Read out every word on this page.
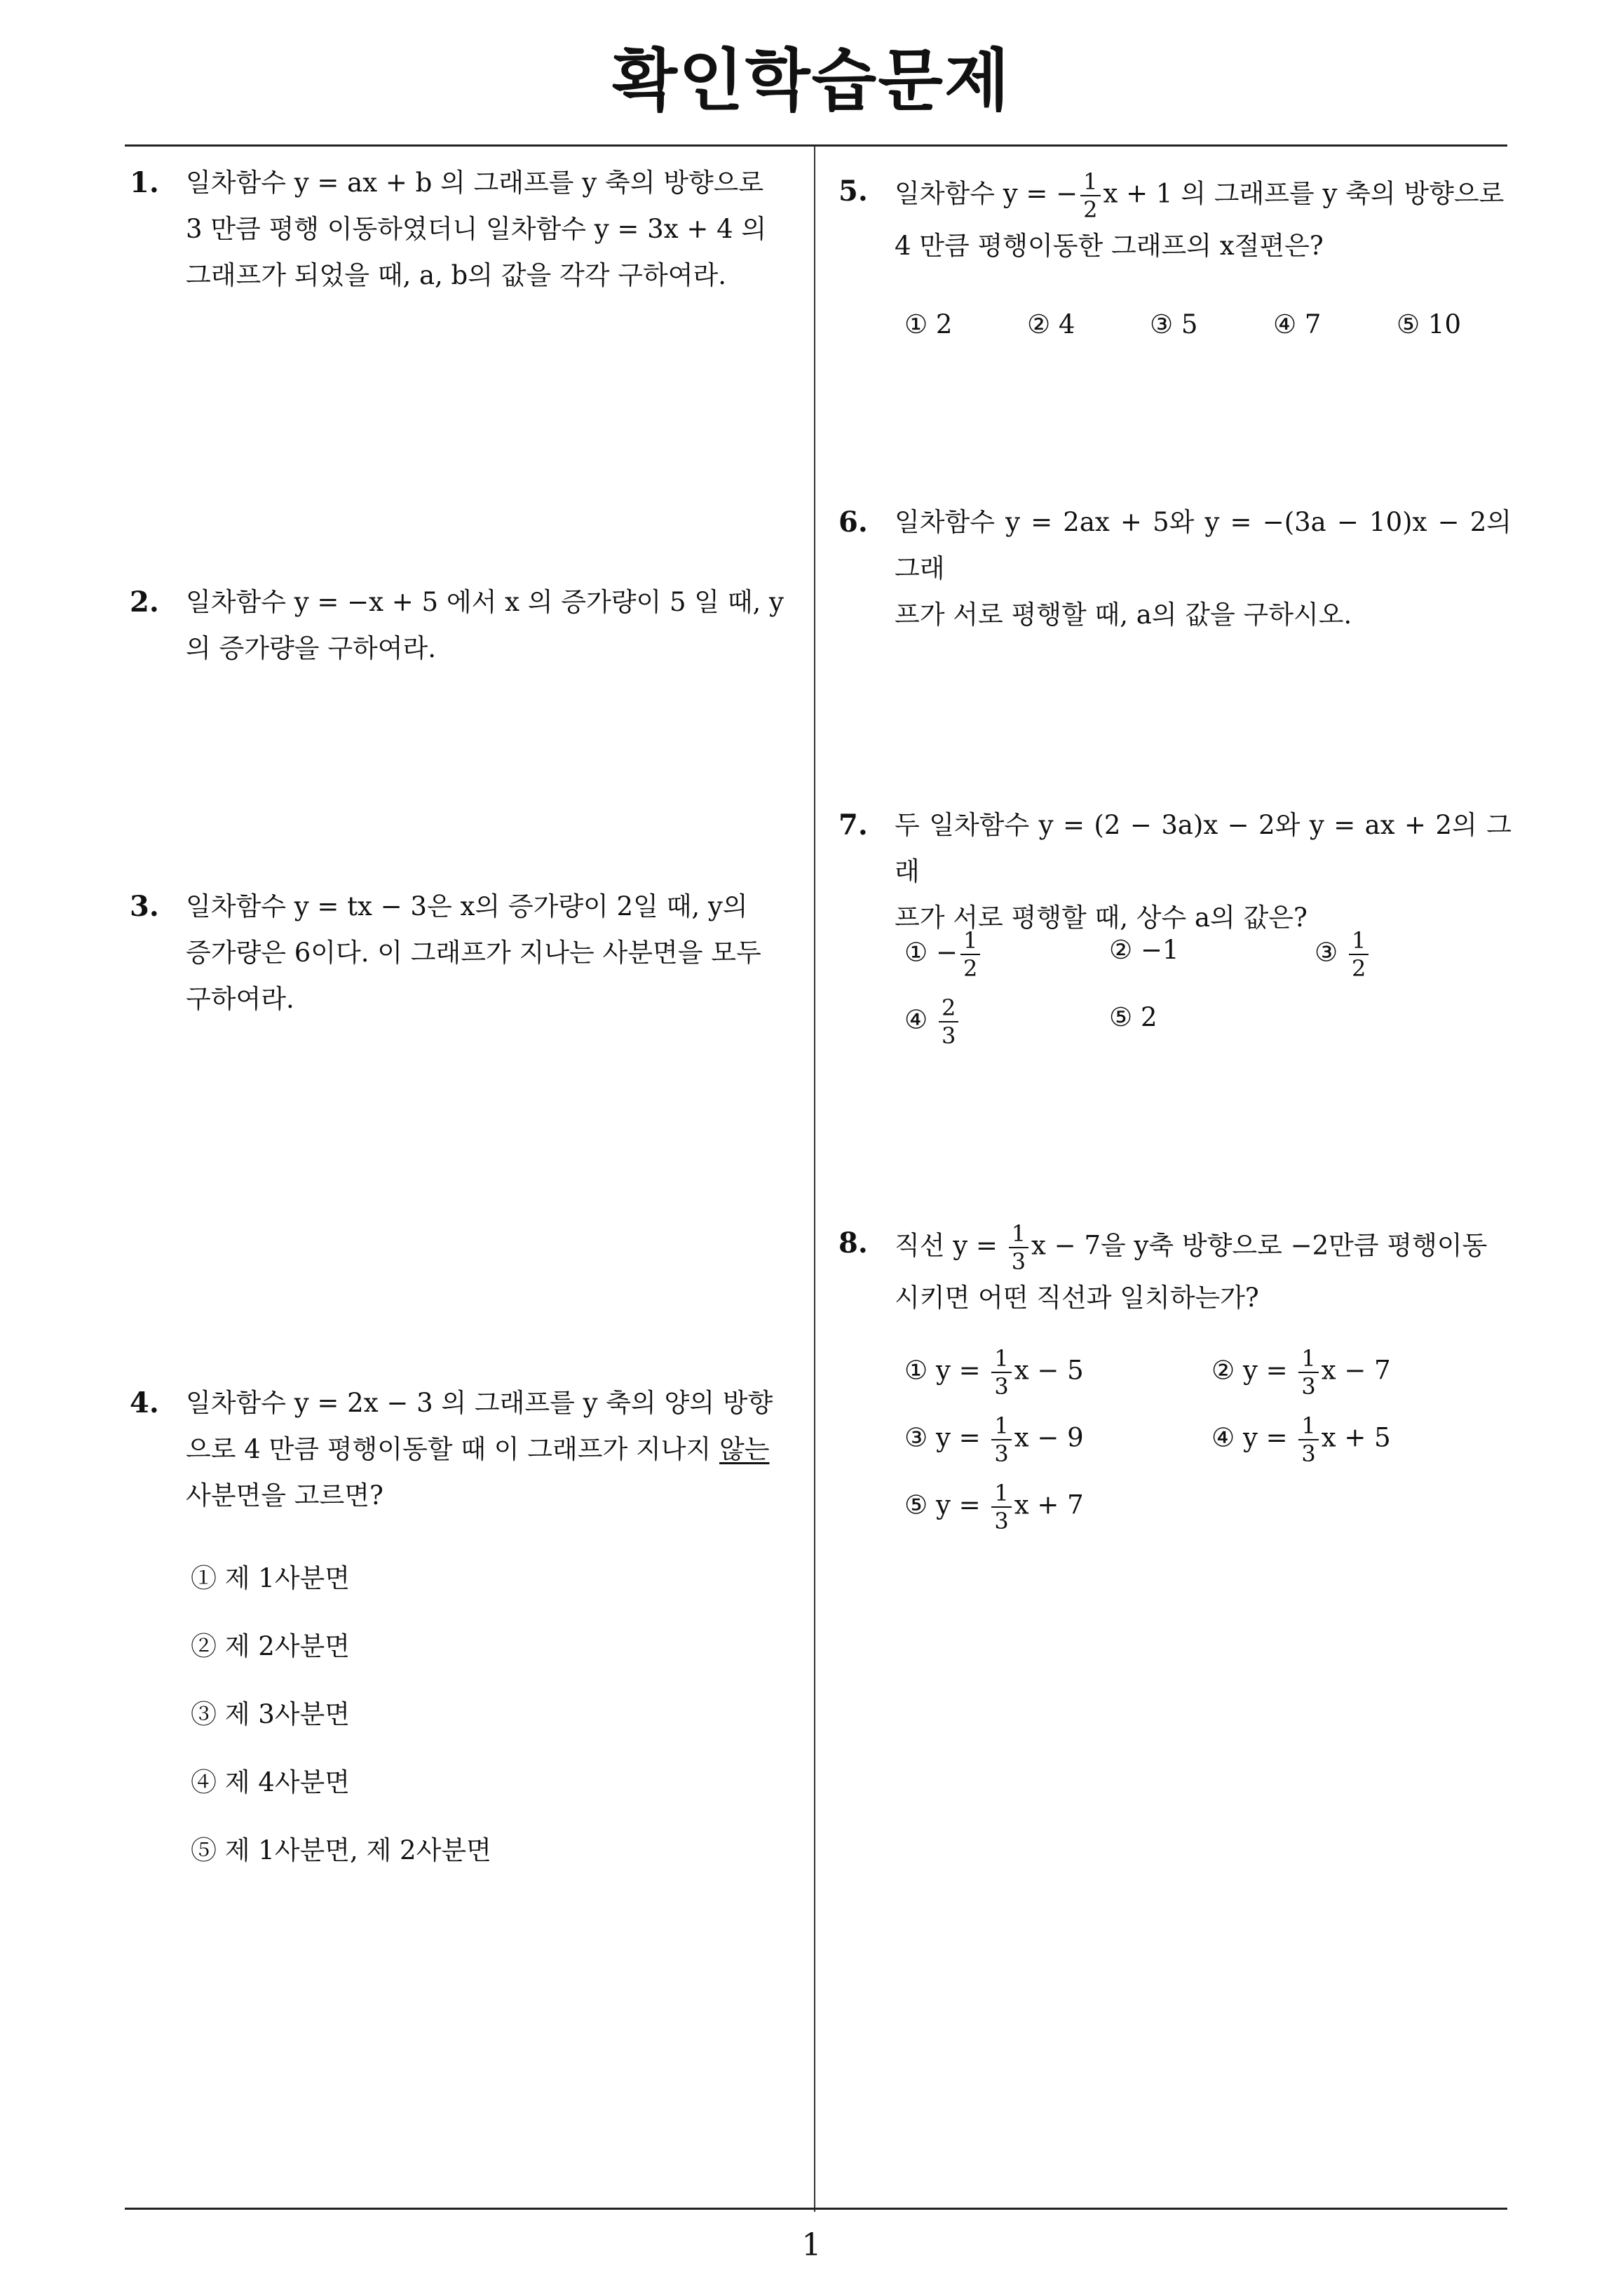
확인학습문제
1. 일차함수 y = ax + b 의 그래프를 y 축의 방향으로
3 만큼 평행 이동하였더니 일차함수 y = 3x + 4 의
그래프가 되었을 때, a, b의 값을 각각 구하여라.
2. 일차함수 y = −x + 5 에서 x 의 증가량이 5 일 때, y
의 증가량을 구하여라.
3. 일차함수 y = tx − 3은 x의 증가량이 2일 때, y의
증가량은 6이다. 이 그래프가 지나는 사분면을 모두
구하여라.
4. 일차함수 y = 2x − 3 의 그래프를 y 축의 양의 방향
으로 4 만큼 평행이동할 때 이 그래프가 지나지 않는
사분면을 고르면?
① 제 1사분면
② 제 2사분면
③ 제 3사분면
④ 제 4사분면
⑤ 제 1사분면, 제 2사분면
5. 일차함수 y = − $\frac{1}{2}$ x + 1 의 그래프를 y 축의 방향으로
4 만큼 평행이동한 그래프의 x절편은?
① 2	② 4	③ 5	④ 7	⑤ 10
6. 일차함수 y = 2ax + 5와 y = −(3a − 10)x − 2의 그래
프가 서로 평행할 때, a의 값을 구하시오.
7. 두 일차함수 y = (2 − 3a)x − 2와 y = ax + 2의 그래
프가 서로 평행할 때, 상수 a의 값은?
① − $\frac{1}{2}$	② −1	③ $\frac{1}{2}$
④ $\frac{2}{3}$	⑤ 2
8. 직선 $y = \frac{1}{3}$ x − 7을 y축 방향으로 −2만큼 평행이동
시키면 어떤 직선과 일치하는가?
① $y = \frac{1}{3}$ x − 5	② $y = \frac{1}{3}$ x − 7
③ $y = \frac{1}{3}$ x − 9	④ $y = \frac{1}{3}$ x + 5
⑤ $y = \frac{1}{3}$ x + 7
1
